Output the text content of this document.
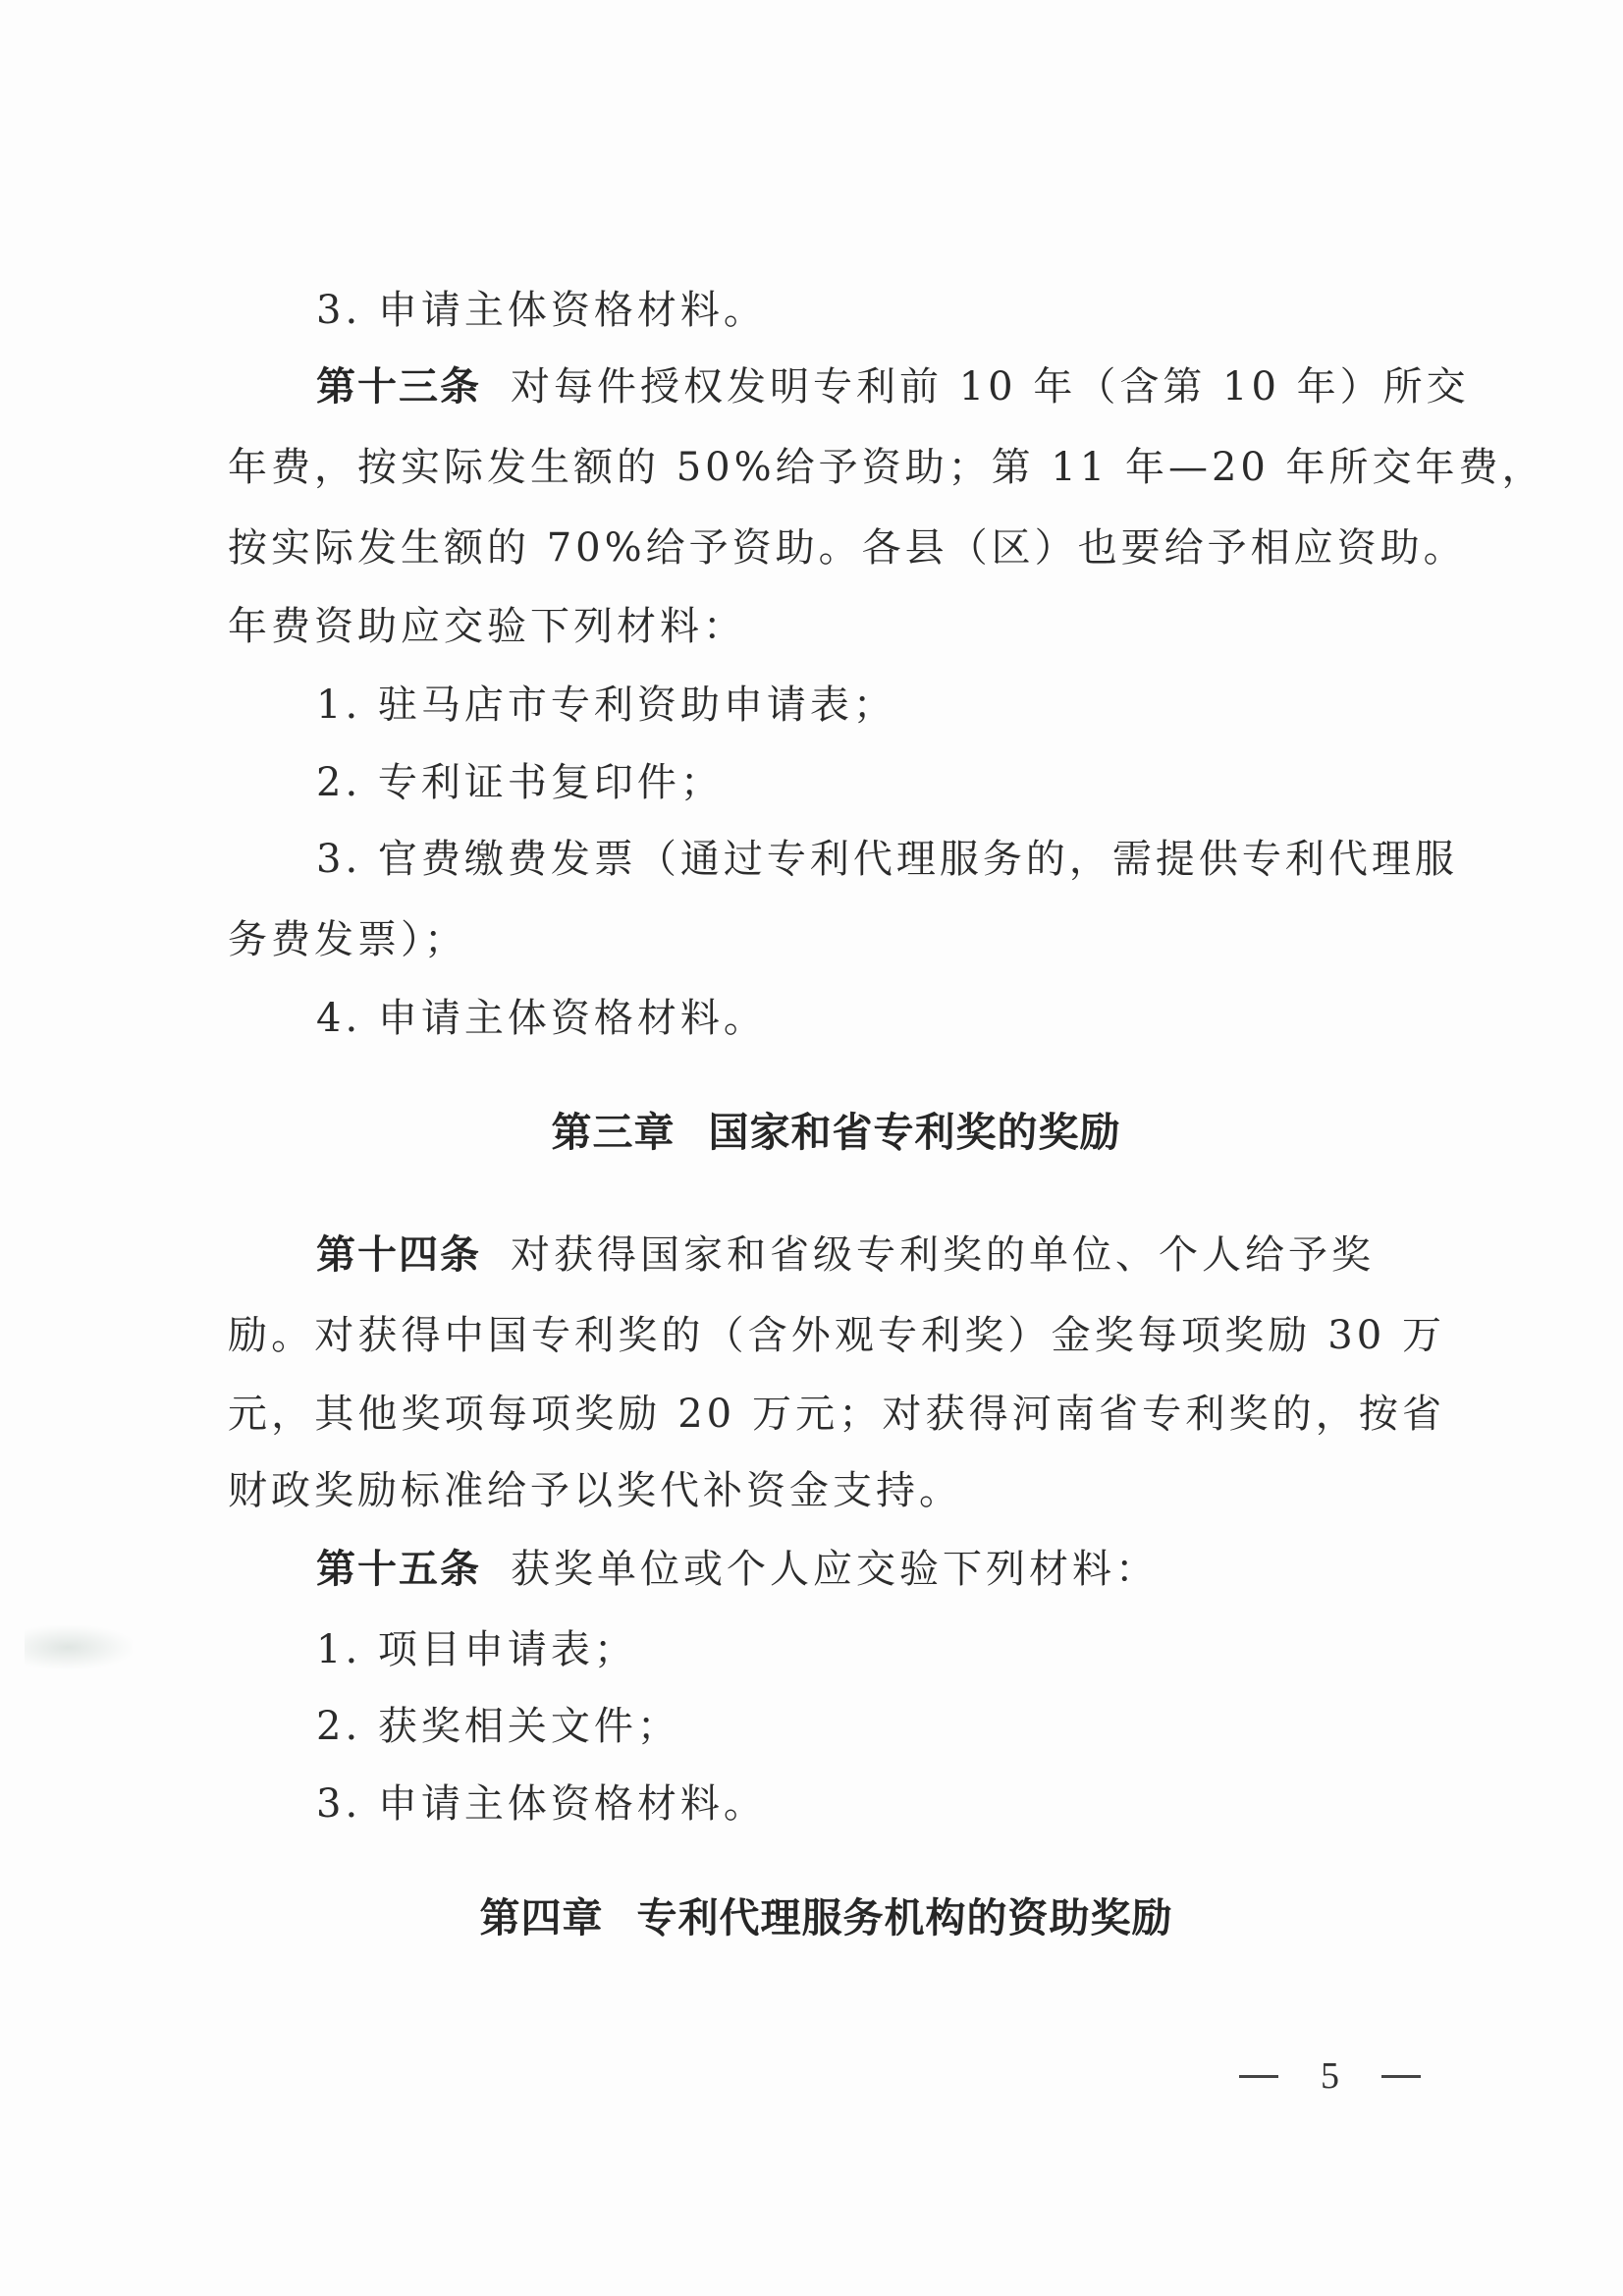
3. 申请主体资格材料。
第十三条 对每件授权发明专利前 10 年（含第 10 年）所交
年费，按实际发生额的 50%给予资助；第 11 年—20 年所交年费，
按实际发生额的 70%给予资助。各县（区）也要给予相应资助。
年费资助应交验下列材料：
1. 驻马店市专利资助申请表；
2. 专利证书复印件；
3. 官费缴费发票（通过专利代理服务的，需提供专利代理服
务费发票）；
4. 申请主体资格材料。
第三章 国家和省专利奖的奖励
第十四条 对获得国家和省级专利奖的单位、个人给予奖
励。对获得中国专利奖的（含外观专利奖）金奖每项奖励 30 万
元，其他奖项每项奖励 20 万元；对获得河南省专利奖的，按省
财政奖励标准给予以奖代补资金支持。
第十五条 获奖单位或个人应交验下列材料：
1. 项目申请表；
2. 获奖相关文件；
3. 申请主体资格材料。
第四章 专利代理服务机构的资助奖励
5
